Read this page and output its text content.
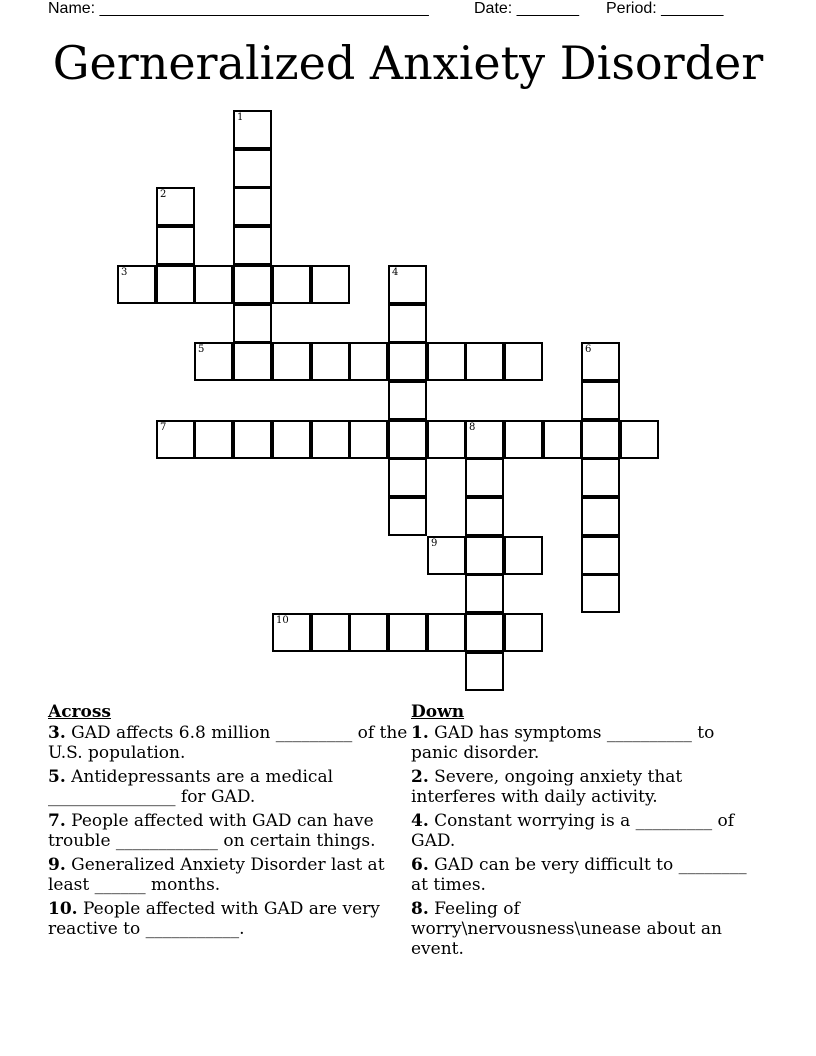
Name: _____________________________________	Date: _______ Period: _______
Gerneralized Anxiety Disorder
1
2
3	4
5	6
7	8
9
10
Across
3. GAD affects 6.8 million _________ of the U.S. population.
5. Antidepressants are a medical _______________ for GAD.
7. People affected with GAD can have trouble ____________ on certain things.
9. Generalized Anxiety Disorder last at least ______ months.
10. People affected with GAD are very reactive to ___________.
Down
1. GAD has symptoms __________ to panic disorder.
2. Severe, ongoing anxiety that interferes with daily activity.
4. Constant worrying is a _________ of GAD.
6. GAD can be very difficult to ________ at times.
8. Feeling of worry\nervousness\unease about an event.
